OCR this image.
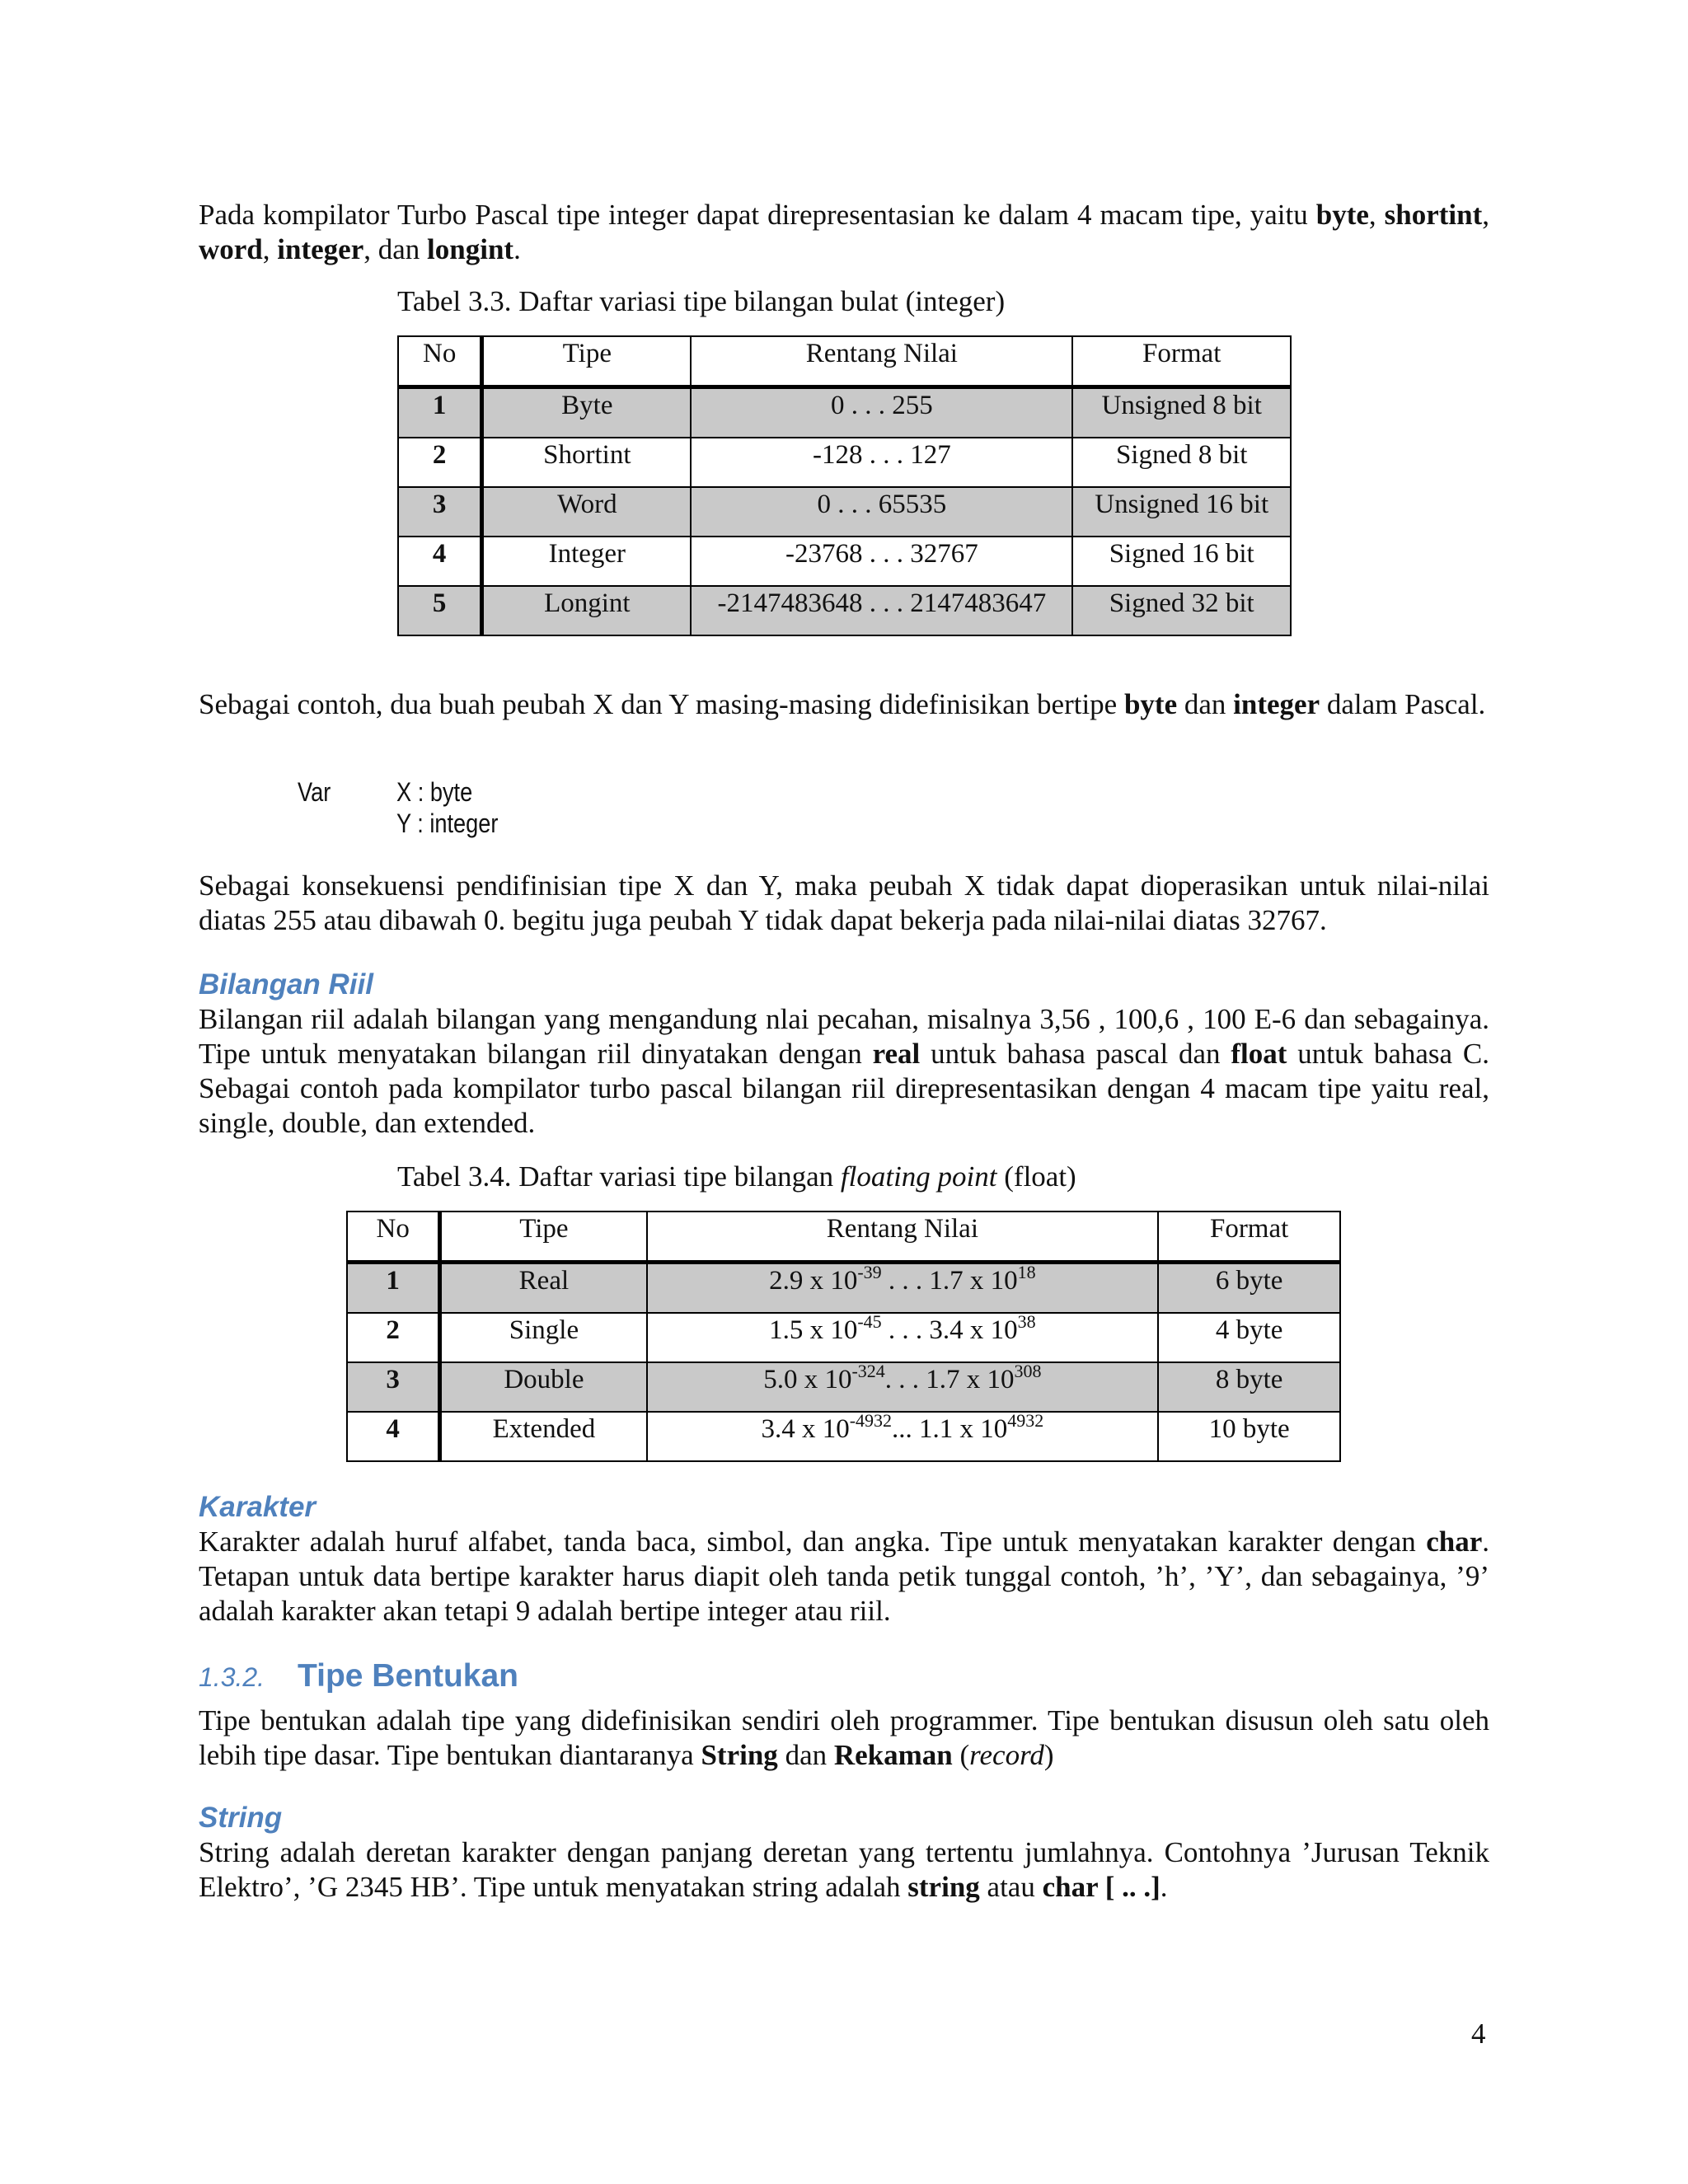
Pada kompilator Turbo Pascal tipe integer dapat direpresentasian ke dalam 4 macam tipe, yaitu byte, shortint, word, integer, dan longint.

Tabel 3.3. Daftar variasi tipe bilangan bulat (integer)
No	Tipe	Rentang Nilai	Format
1	Byte	0 . . . 255	Unsigned 8 bit
2	Shortint	-128 . . . 127	Signed 8 bit
3	Word	0 . . . 65535	Unsigned 16 bit
4	Integer	-23768 . . . 32767	Signed 16 bit
5	Longint	-2147483648 . . . 2147483647	Signed 32 bit

Sebagai contoh, dua buah peubah X dan Y masing-masing didefinisikan bertipe byte dan integer dalam Pascal.

Var X : byte
Y : integer

Sebagai konsekuensi pendifinisian tipe X dan Y, maka peubah X tidak dapat dioperasikan untuk nilai-nilai diatas 255 atau dibawah 0. begitu juga peubah Y tidak dapat bekerja pada nilai-nilai diatas 32767.

Bilangan Riil

Bilangan riil adalah bilangan yang mengandung nlai pecahan, misalnya 3,56 , 100,6 , 100 E-6 dan sebagainya. Tipe untuk menyatakan bilangan riil dinyatakan dengan real untuk bahasa pascal dan float untuk bahasa C. Sebagai contoh pada kompilator turbo pascal bilangan riil direpresentasikan dengan 4 macam tipe yaitu real, single, double, dan extended.

Tabel 3.4. Daftar variasi tipe bilangan floating point (float)
No	Tipe	Rentang Nilai	Format
1	Real	2.9 x $10^{-39}$ . . . 1.7 x $10^{18}$	6 byte
2	Single	1.5 x $10^{-45}$ . . . 3.4 x $10^{38}$	4 byte
3	Double	5.0 x $10^{-324}$. . . 1.7 x $10^{308}$	8 byte
4	Extended	3.4 x $10^{-4932}$... 1.1 x $10^{4932}$	10 byte
Karakter

Karakter adalah huruf alfabet, tanda baca, simbol, dan angka. Tipe untuk menyatakan karakter dengan char. Tetapan untuk data bertipe karakter harus diapit oleh tanda petik tunggal contoh, ’h’, ’Y’, dan sebagainya, ’9’ adalah karakter akan tetapi 9 adalah bertipe integer atau riil.

1.3.2. Tipe Bentukan

Tipe bentukan adalah tipe yang didefinisikan sendiri oleh programmer. Tipe bentukan disusun oleh satu oleh lebih tipe dasar. Tipe bentukan diantaranya String dan Rekaman (record)

String

String adalah deretan karakter dengan panjang deretan yang tertentu jumlahnya. Contohnya ’Jurusan Teknik Elektro’, ’G 2345 HB’. Tipe untuk menyatakan string adalah string atau char [ .. .].

4
